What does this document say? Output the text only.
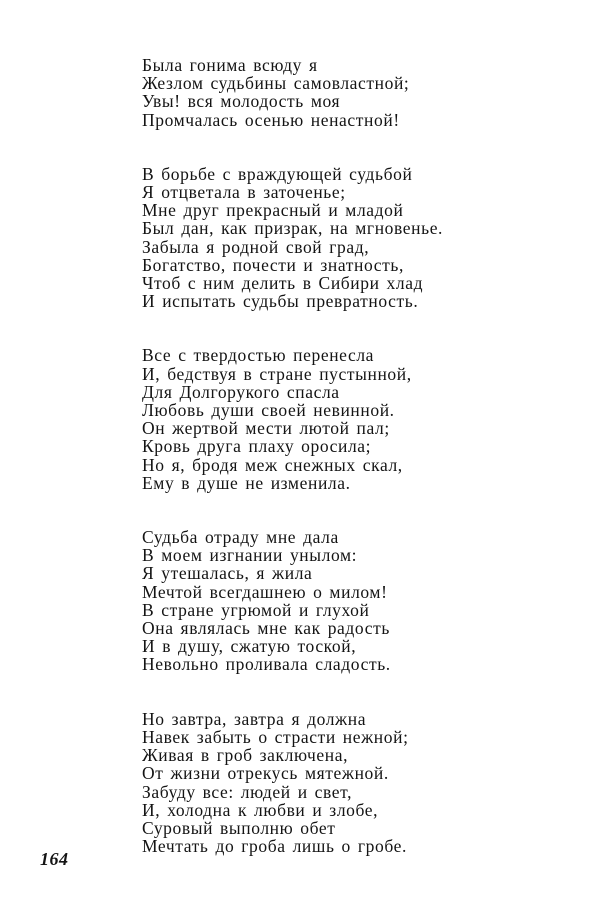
Была гонима всюду я
Жезлом судьбины самовластной;
Увы! вся молодость моя
Промчалась осенью ненастной!
В борьбе с враждующей судьбой
Я отцветала в заточенье;
Мне друг прекрасный и младой
Был дан, как призрак, на мгновенье.
Забыла я родной свой град,
Богатство, почести и знатность,
Чтоб с ним делить в Сибири хлад
И испытать судьбы превратность.
Все с твердостью перенесла
И, бедствуя в стране пустынной,
Для Долгорукого спасла
Любовь души своей невинной.
Он жертвой мести лютой пал;
Кровь друга плаху оросила;
Но я, бродя меж снежных скал,
Ему в душе не изменила.
Судьба отраду мне дала
В моем изгнании унылом:
Я утешалась, я жила
Мечтой всегдашнею о милом!
В стране угрюмой и глухой
Она являлась мне как радость
И в душу, сжатую тоской,
Невольно проливала сладость.
Но завтра, завтра я должна
Навек забыть о страсти нежной;
Живая в гроб заключена,
От жизни отрекусь мятежной.
Забуду все: людей и свет,
И, холодна к любви и злобе,
Суровый выполню обет
Мечтать до гроба лишь о гробе.
164
